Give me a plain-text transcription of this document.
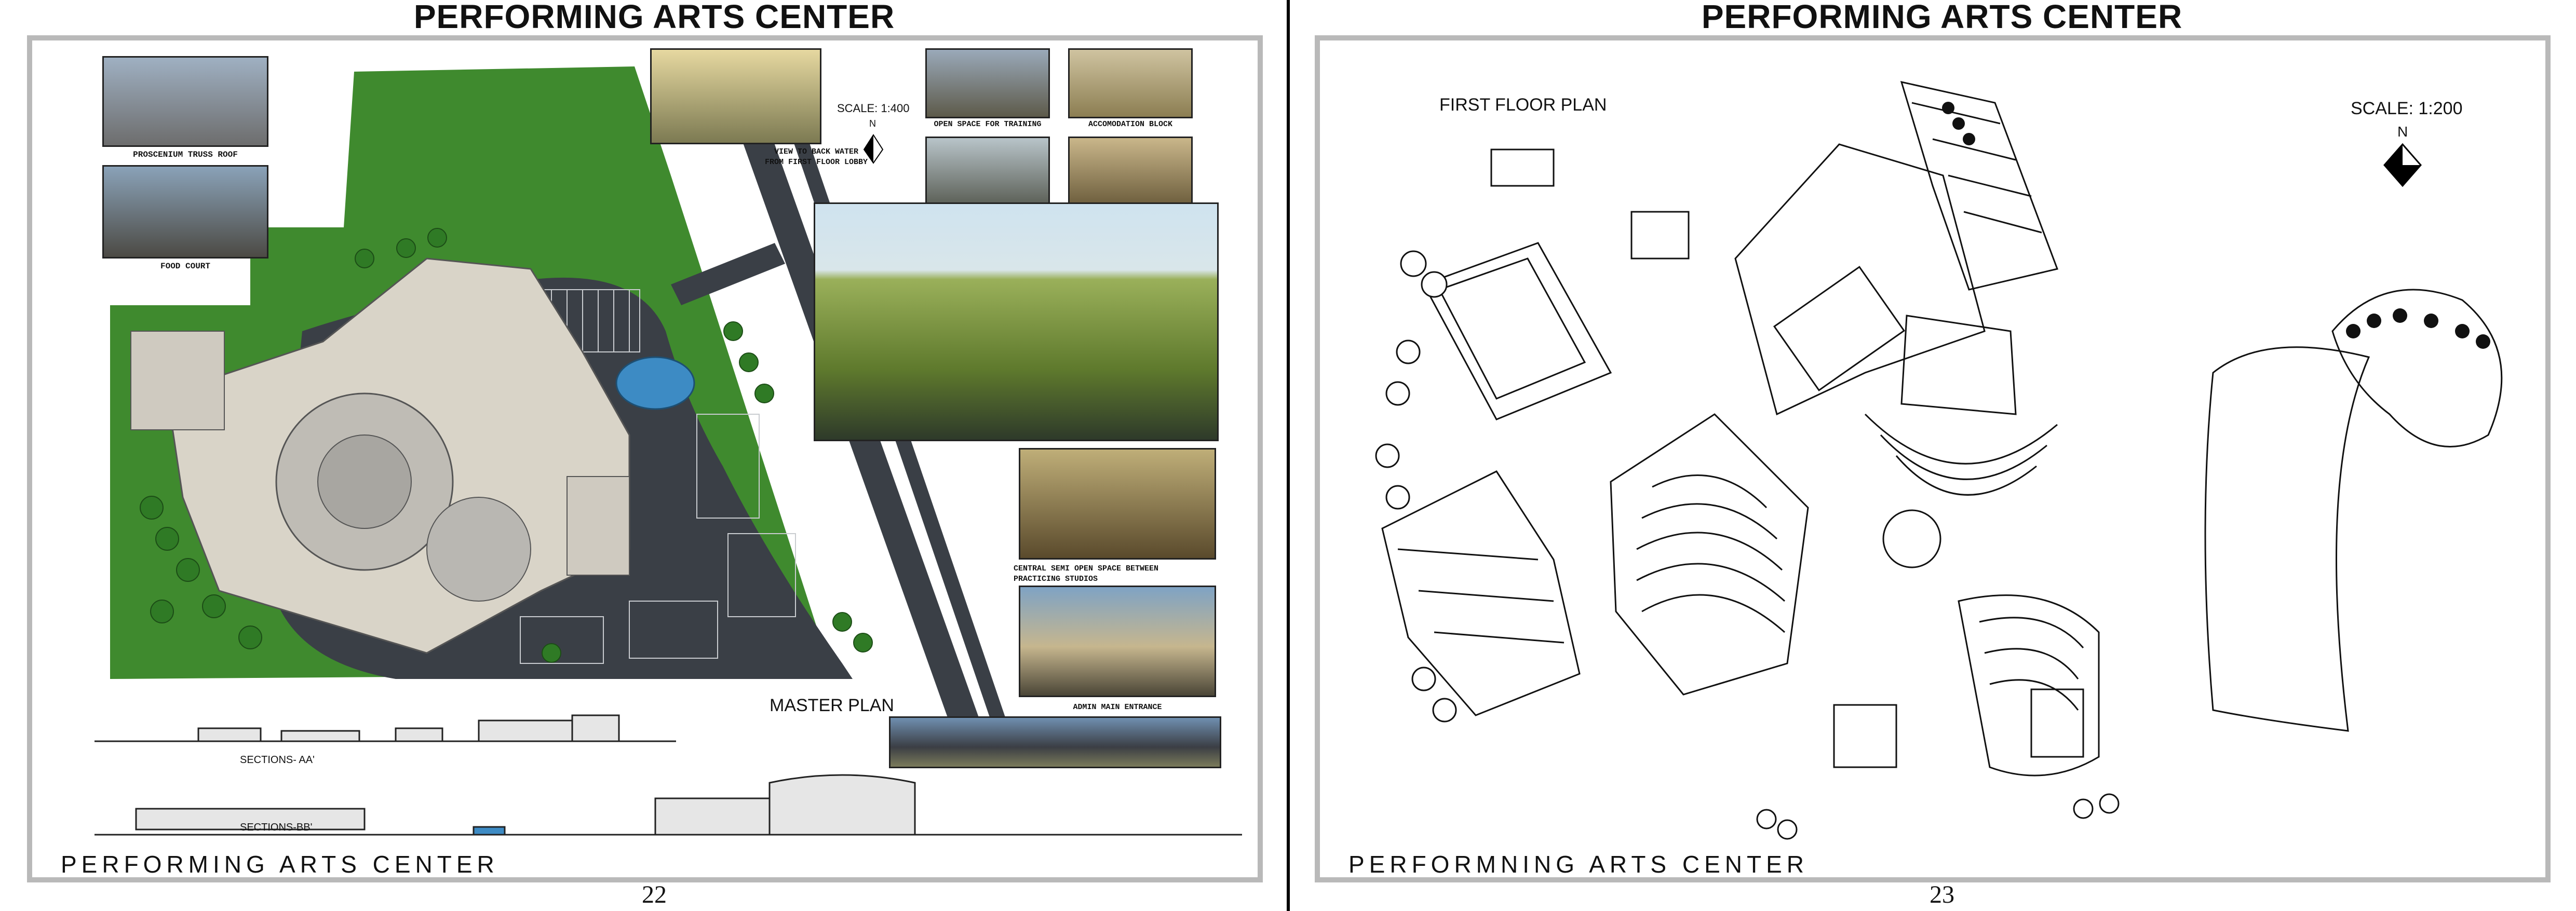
PERFORMING ARTS CENTER
N
SCALE: 1:400
MASTER PLAN
SECTIONS- AA'
SECTIONS-BB'
PROSCENIUM TRUSS ROOF
FOOD COURT
VIEW TO BACK WATER
FROM FIRST FLOOR LOBBY
OPEN SPACE FOR TRAINING	ACCOMODATION BLOCK
CENTRAL SEMI OPEN SPACE BETWEEN
PRACTICING STUDIOS
ADMIN MAIN ENTRANCE
PERFORMING ARTS CENTER
22
PERFORMING ARTS CENTER
FIRST FLOOR PLAN	SCALE: 1:200
N
PERFORMNING ARTS CENTER
23
